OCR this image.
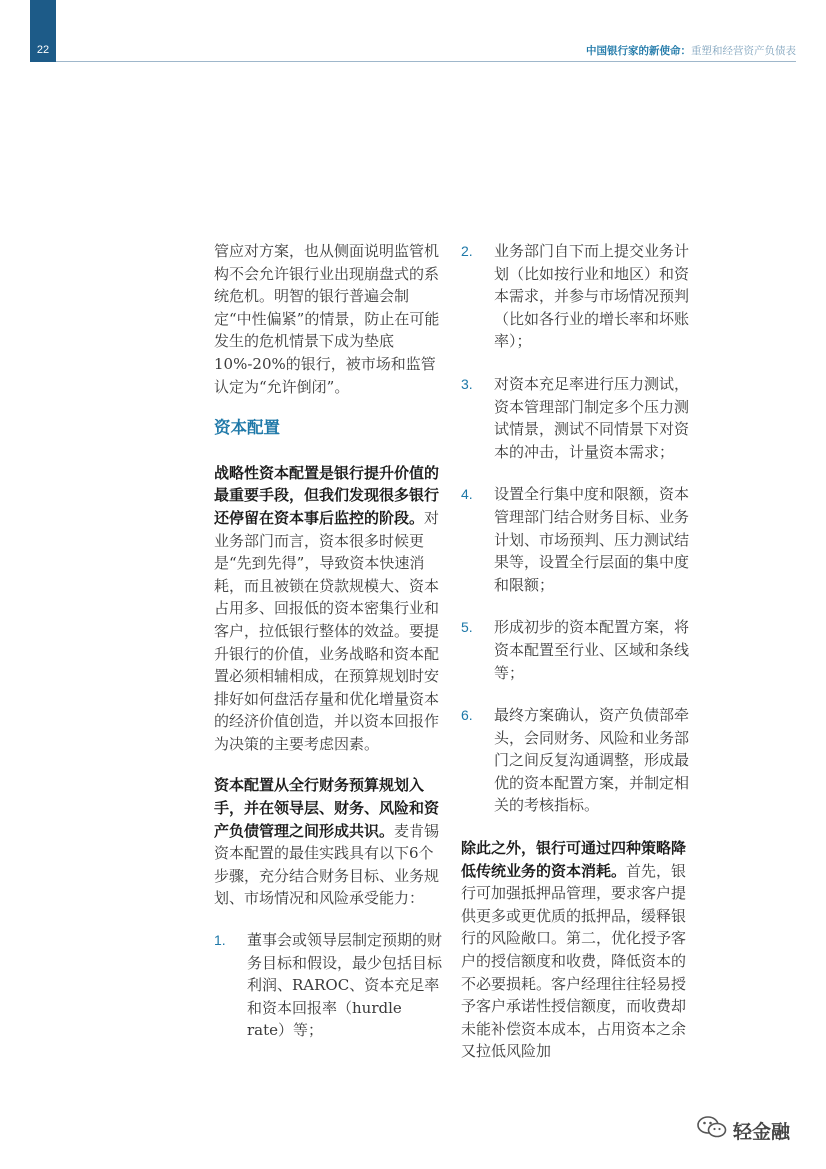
22	中国银行家的新使命：重塑和经营资产负债表

管应对方案，也从侧面说明监管机构不会允许银行业出现崩盘式的系统危机。明智的银行普遍会制定“中性偏紧”的情景，防止在可能发生的危机情景下成为垫底10%-20%的银行，被市场和监管认定为“允许倒闭”。

资本配置

战略性资本配置是银行提升价值的最重要手段，但我们发现很多银行还停留在资本事后监控的阶段。对业务部门而言，资本很多时候更是“先到先得”，导致资本快速消耗，而且被锁在贷款规模大、资本占用多、回报低的资本密集行业和客户，拉低银行整体的效益。要提升银行的价值，业务战略和资本配置必须相辅相成，在预算规划时安排好如何盘活存量和优化增量资本的经济价值创造，并以资本回报作为决策的主要考虑因素。

资本配置从全行财务预算规划入手，并在领导层、财务、风险和资产负债管理之间形成共识。麦肯锡资本配置的最佳实践具有以下6个步骤，充分结合财务目标、业务规划、市场情况和风险承受能力：

1.	董事会或领导层制定预期的财务目标和假设，最少包括目标利润、RAROC、资本充足率和资本回报率（hurdle rate）等；
2.	业务部门自下而上提交业务计划（比如按行业和地区）和资本需求，并参与市场情况预判（比如各行业的增长率和坏账率）；
3.	对资本充足率进行压力测试，资本管理部门制定多个压力测试情景，测试不同情景下对资本的冲击，计量资本需求；
4.	设置全行集中度和限额，资本管理部门结合财务目标、业务计划、市场预判、压力测试结果等，设置全行层面的集中度和限额；
5.	形成初步的资本配置方案，将资本配置至行业、区域和条线等；
6.	最终方案确认，资产负债部牵头，会同财务、风险和业务部门之间反复沟通调整，形成最优的资本配置方案，并制定相关的考核指标。

除此之外，银行可通过四种策略降低传统业务的资本消耗。首先，银行可加强抵押品管理，要求客户提供更多或更优质的抵押品，缓释银行的风险敞口。第二，优化授予客户的授信额度和收费，降低资本的不必要损耗。客户经理往往轻易授予客户承诺性授信额度，而收费却未能补偿资本成本，占用资本之余又拉低风险加

轻金融
